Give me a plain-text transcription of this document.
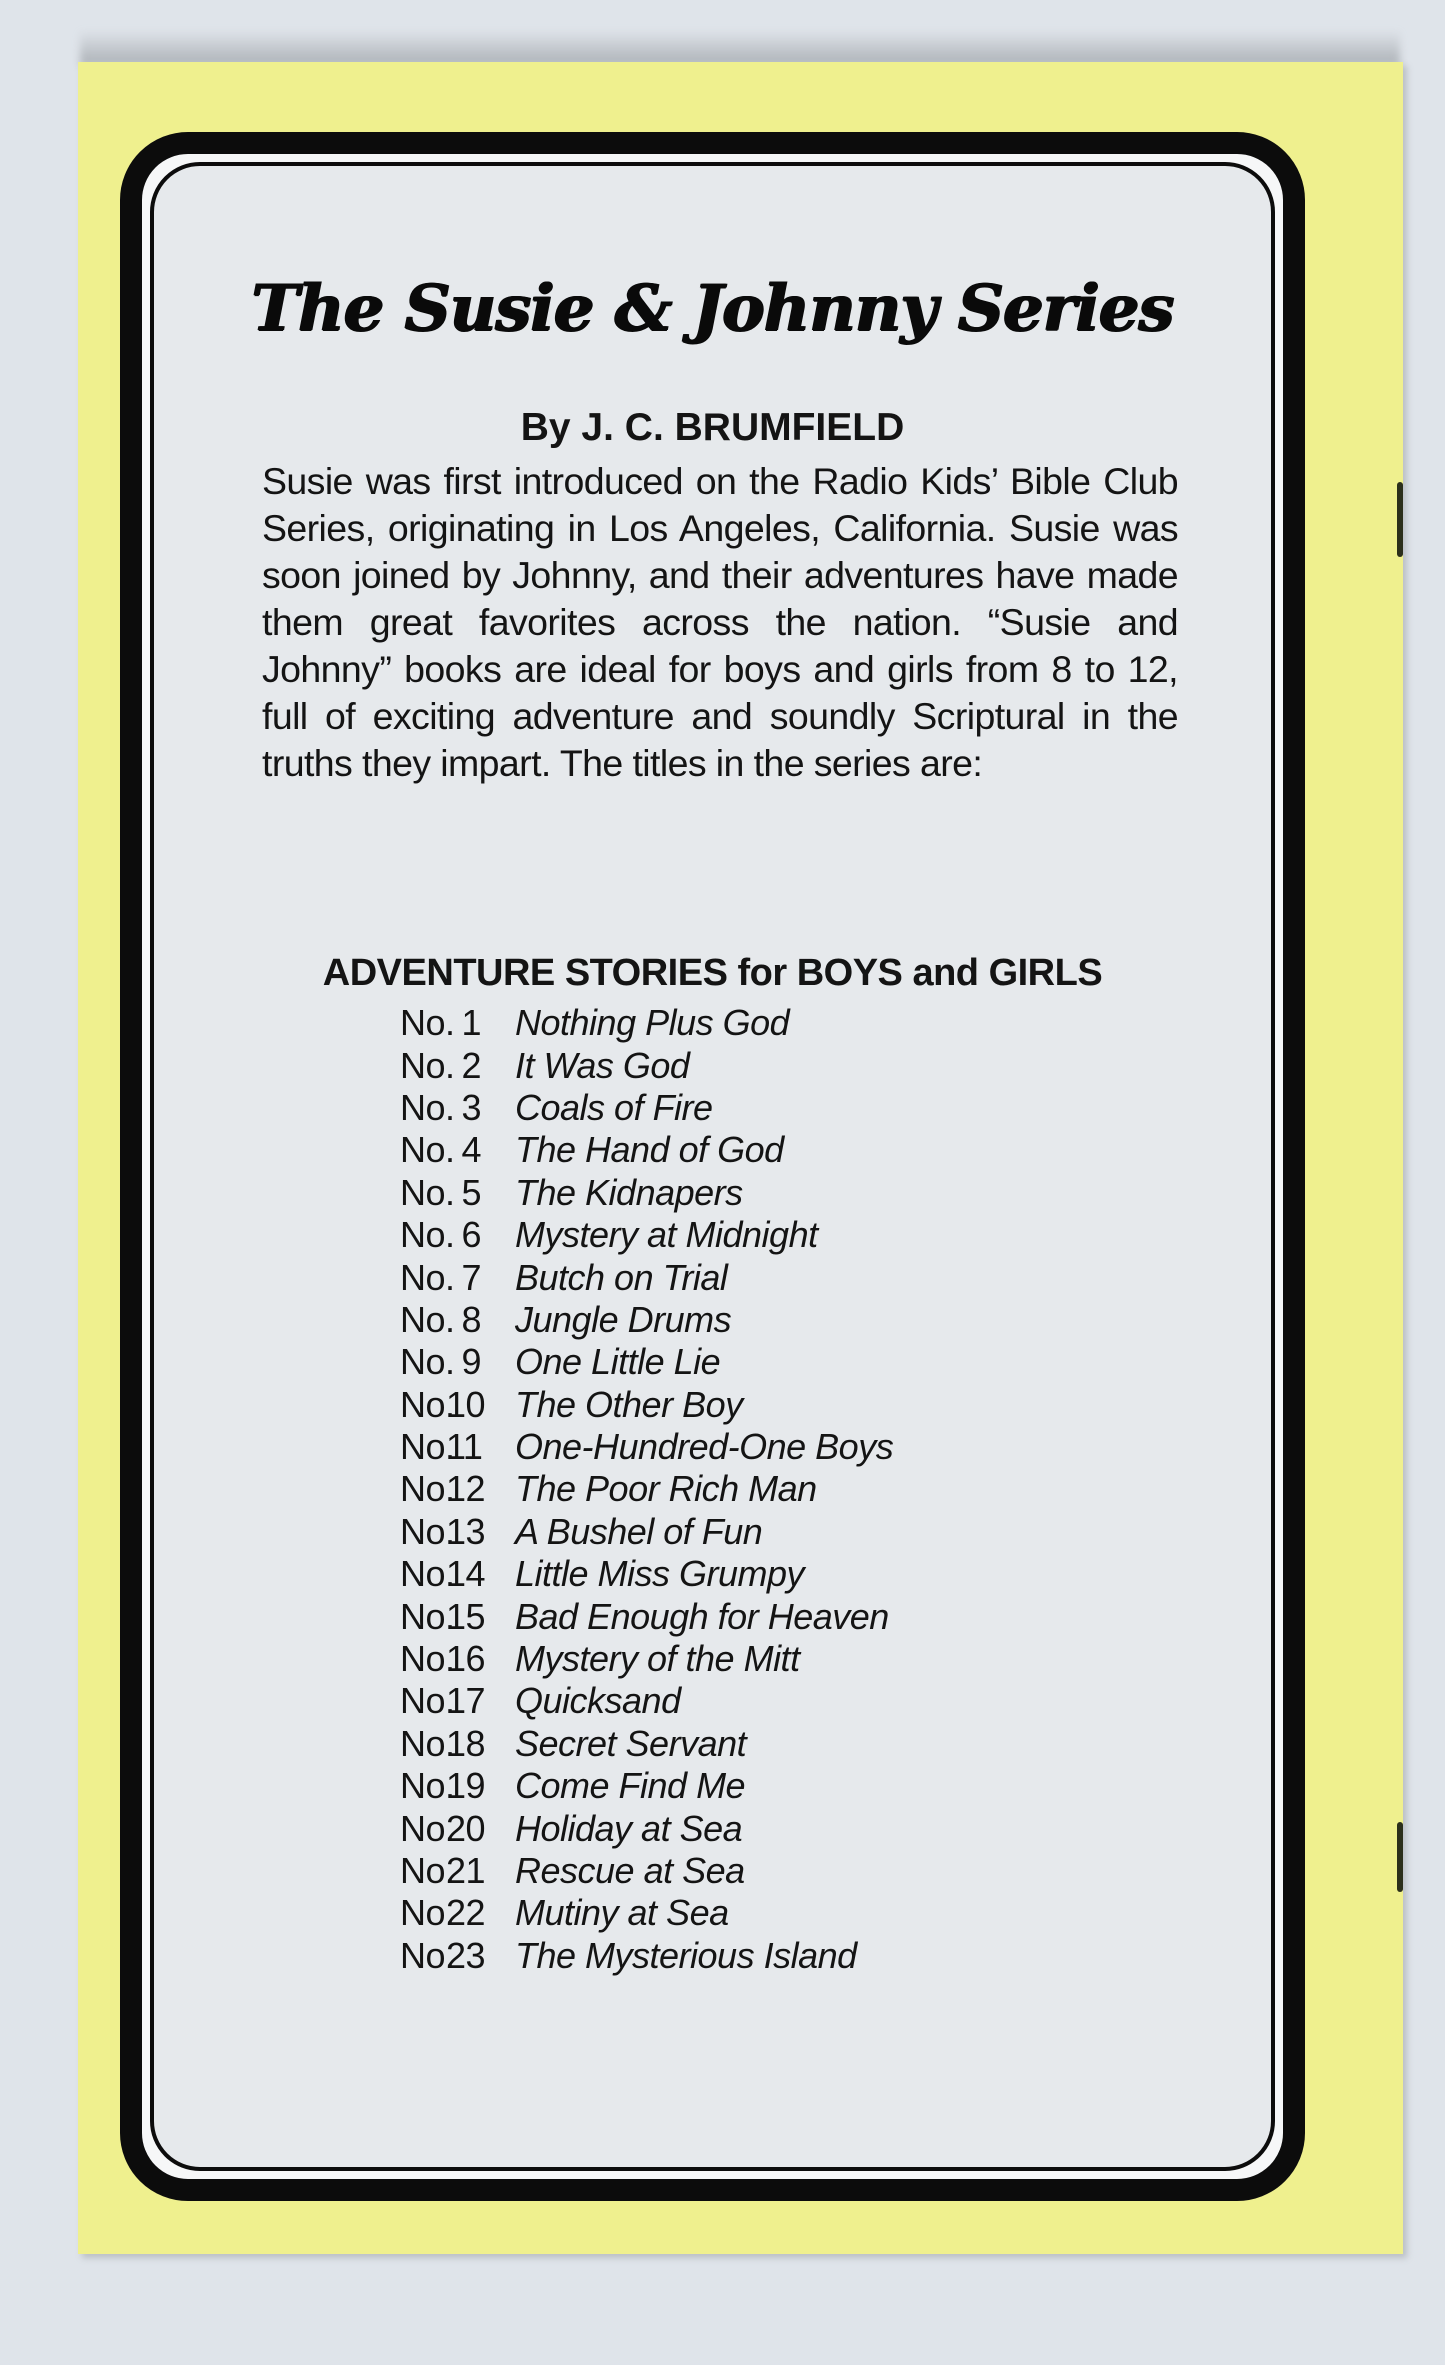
The Susie & Johnny Series
By J. C. BRUMFIELD
Susie was first introduced on the Radio Kids’ Bible Club Series, originating in Los Angeles, California. Susie was soon joined by Johnny, and their adventures have made them great favorites across the nation. “Susie and Johnny” books are ideal for boys and girls from 8 to 12, full of exciting adventure and soundly Scriptural in the truths they impart. The titles in the series are:
ADVENTURE STORIES for BOYS and GIRLS
No. 1 Nothing Plus God
No. 2 It Was God
No. 3 Coals of Fire
No. 4 The Hand of God
No. 5 The Kidnapers
No. 6 Mystery at Midnight
No. 7 Butch on Trial
No. 8 Jungle Drums
No. 9 One Little Lie
No.
10 The Other Boy
No.
11 One-Hundred-One Boys
No.
12 The Poor Rich Man
No.
13 A Bushel of Fun
No.
14 Little Miss Grumpy
No.
15 Bad Enough for Heaven
No.
16 Mystery of the Mitt
No.
17 Quicksand
No.
18 Secret Servant
No.
19 Come Find Me
No.
20 Holiday at Sea
No.
21 Rescue at Sea
No.
22 Mutiny at Sea
No.
23 The Mysterious Island
